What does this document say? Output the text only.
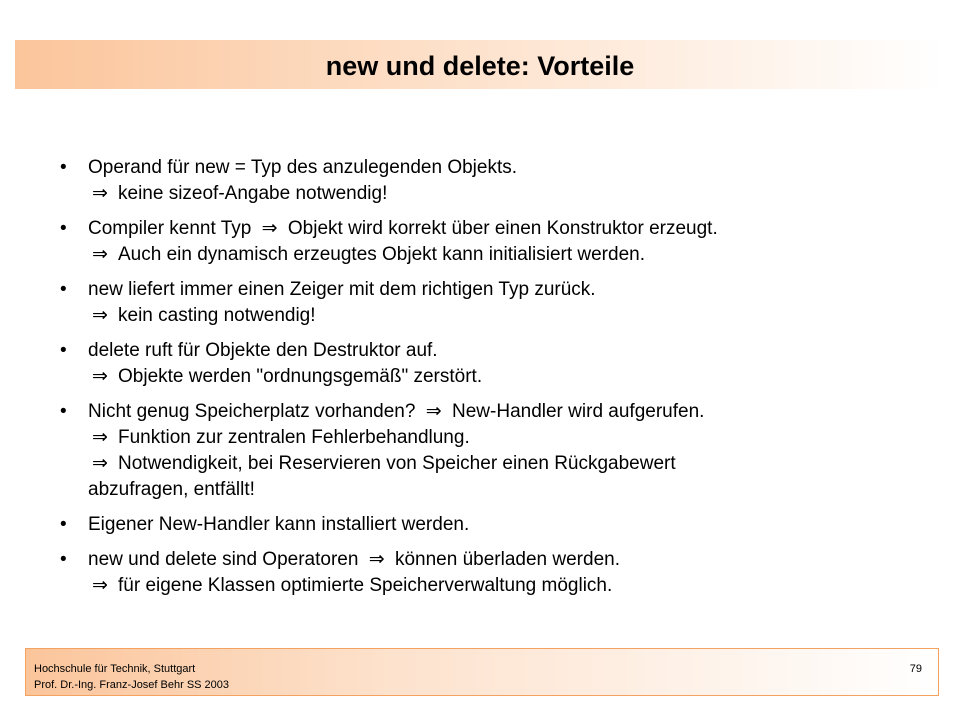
new und delete: Vorteile
•	Operand für new = Typ des anzulegenden Objekts.
⇒ keine sizeof-Angabe notwendig!
•	Compiler kennt Typ ⇒ Objekt wird korrekt über einen Konstruktor erzeugt.
⇒ Auch ein dynamisch erzeugtes Objekt kann initialisiert werden.
•	new liefert immer einen Zeiger mit dem richtigen Typ zurück.
⇒ kein casting notwendig!
•	delete ruft für Objekte den Destruktor auf.
⇒ Objekte werden "ordnungsgemäß" zerstört.
•	Nicht genug Speicherplatz vorhanden? ⇒ New-Handler wird aufgerufen.
⇒ Funktion zur zentralen Fehlerbehandlung.
⇒ Notwendigkeit, bei Reservieren von Speicher einen Rückgabewert
abzufragen, entfällt!
•	Eigener New-Handler kann installiert werden.
•	new und delete sind Operatoren ⇒ können überladen werden.
⇒ für eigene Klassen optimierte Speicherverwaltung möglich.
Hochschule für Technik, Stuttgart
Prof. Dr.-Ing. Franz-Josef Behr SS 2003
79
